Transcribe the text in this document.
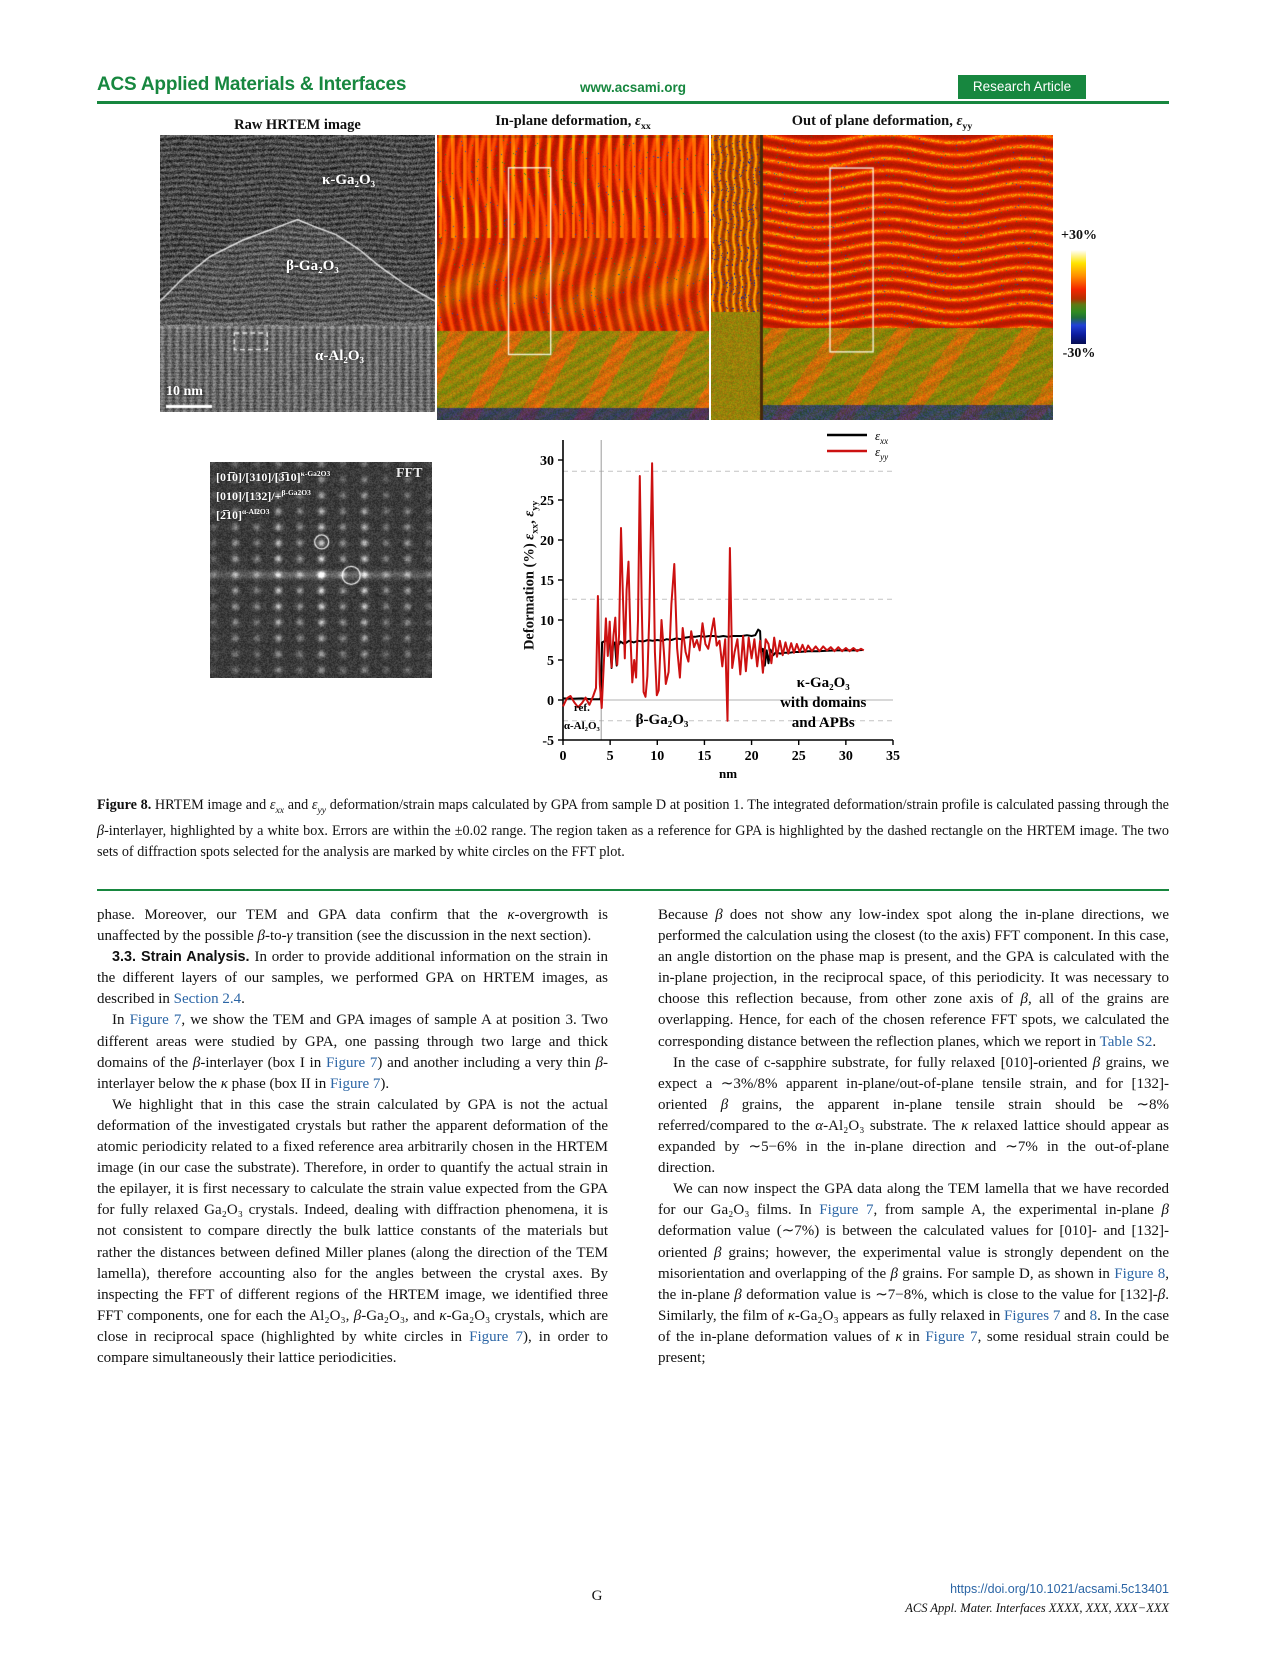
ACS Applied Materials & Interfaces	www.acsami.org	Research Article
Raw HRTEM image	In-plane deformation, $\varepsilon_{xx}$	Out of plane deformation, $\varepsilon_{yy}$
κ-Ga₂O₃
β-Ga₂O₃
α-Al₂O₃
10 nm
+30%
-30%
[01̅0]/[310]/[3̅10]$^{\kappa-Ga2O3}$
[010]/[132]/+$^{\beta-Ga2O3}$
[2̅10]$^{\alpha-Al2O3}$
FFT
-5
0
5
10
15
20
25
30
0	5	10 15 20 25 30 35
nm
$\varepsilon_{xx}$
$\varepsilon_{yy}$
ref.
α-Al₂O₃ β-Ga₂O₃
κ-Ga₂O₃
with domains
and APBs
Deformation (%) $\varepsilon_{xx}$, $\varepsilon_{yy}$
Figure 8. HRTEM image and $\varepsilon_{xx}$ and $\varepsilon_{yy}$ deformation/strain maps calculated by GPA from sample D at position 1. The integrated deformation/strain profile is calculated passing through the β-interlayer, highlighted by a white box. Errors are within the ±0.02 range. The region taken as a reference for GPA is highlighted by the dashed rectangle on the HRTEM image. The two sets of diffraction spots selected for the analysis are marked by white circles on the FFT plot.
phase. Moreover, our TEM and GPA data confirm that the κ-overgrowth is unaffected by the possible β-to-γ transition (see the discussion in the next section).
3.3. Strain Analysis. In order to provide additional information on the strain in the different layers of our samples, we performed GPA on HRTEM images, as described in Section 2.4.
In Figure 7, we show the TEM and GPA images of sample A at position 3. Two different areas were studied by GPA, one passing through two large and thick domains of the β-interlayer (box I in Figure 7) and another including a very thin β-interlayer below the κ phase (box II in Figure 7).
We highlight that in this case the strain calculated by GPA is not the actual deformation of the investigated crystals but rather the apparent deformation of the atomic periodicity related to a fixed reference area arbitrarily chosen in the HRTEM image (in our case the substrate). Therefore, in order to quantify the actual strain in the epilayer, it is first necessary to calculate the strain value expected from the GPA for fully relaxed Ga₂O₃ crystals. Indeed, dealing with diffraction phenomena, it is not consistent to compare directly the bulk lattice constants of the materials but rather the distances between defined Miller planes (along the direction of the TEM lamella), therefore accounting also for the angles between the crystal axes. By inspecting the FFT of different regions of the HRTEM image, we identified three FFT components, one for each the Al₂O₃, β-Ga₂O₃, and κ-Ga₂O₃ crystals, which are close in reciprocal space (highlighted by white circles in Figure 7), in order to compare simultaneously their lattice periodicities.
Because β does not show any low-index spot along the in-plane directions, we performed the calculation using the closest (to the axis) FFT component. In this case, an angle distortion on the phase map is present, and the GPA is calculated with the in-plane projection, in the reciprocal space, of this periodicity. It was necessary to choose this reflection because, from other zone axis of β, all of the grains are overlapping. Hence, for each of the chosen reference FFT spots, we calculated the corresponding distance between the reflection planes, which we report in Table S2.
In the case of c-sapphire substrate, for fully relaxed [010]-oriented β grains, we expect a ∼3%/8% apparent in-plane/out-of-plane tensile strain, and for [132]-oriented β grains, the apparent in-plane tensile strain should be ∼8% referred/compared to the α-Al₂O₃ substrate. The κ relaxed lattice should appear as expanded by ∼5−6% in the in-plane direction and ∼7% in the out-of-plane direction.
We can now inspect the GPA data along the TEM lamella that we have recorded for our Ga₂O₃ films. In Figure 7, from sample A, the experimental in-plane β deformation value (∼7%) is between the calculated values for [010]- and [132]-oriented β grains; however, the experimental value is strongly dependent on the misorientation and overlapping of the β grains. For sample D, as shown in Figure 8, the in-plane β deformation value is ∼7−8%, which is close to the value for [132]-β. Similarly, the film of κ-Ga₂O₃ appears as fully relaxed in Figures 7 and 8. In the case of the in-plane deformation values of κ in Figure 7, some residual strain could be present;
G	https://doi.org/10.1021/acsami.5c13401
ACS Appl. Mater. Interfaces XXXX, XXX, XXX−XXX
